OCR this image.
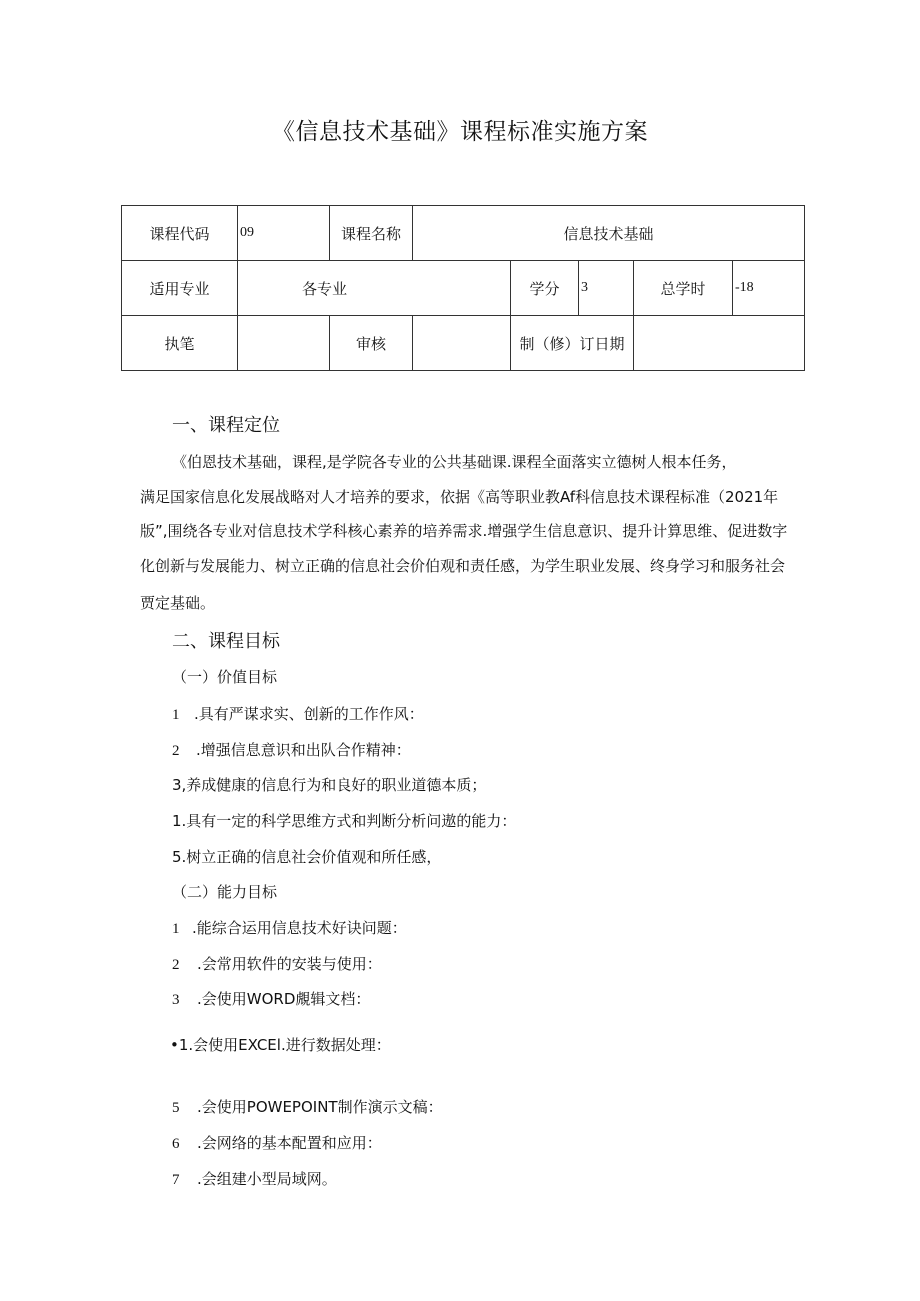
《信息技术基础》课程标准实施方案
课程代码	09	课程名称	信息技术基础				
适用专业	各专业			学分	3	总学时	-18
执笔		审核		制（修）订日期			
一、课程定位
《伯恩技术基础，课程,是学院各专业的公共基础课.课程全面落实立德树人根本任务，
满足国家信息化发展战略对人才培养的要求，依据《高等职业教Af科信息技术课程标准（2021年
版”,围绕各专业对信息技术学科核心素养的培养需求.增强学生信息意识、提升计算思维、促进数字
化创新与发展能力、树立正确的信息社会价伯观和责任感，为学生职业发展、终身学习和服务社会
贾定基础。
二、课程目标
（一）价值目标
1 .具有严谋求实、创新的工作作风：
2 .增强信息意识和出队合作精神：
3,养成健康的信息行为和良好的职业道德本质；
1.具有一定的科学思维方式和判断分析问遨的能力：
5.树立正确的信息社会价值观和所任感，
（二）能力目标
1 .能综合运用信息技术好诀问题：
2 .会常用软件的安装与使用：
3 .会使用WORD覤辑文档：
•1.会使用EXCEl.进行数据处理：
5 .会使用POWEPOINT制作演示文稿：
6 .会网络的基本配置和应用：
7 .会组建小型局域网。
